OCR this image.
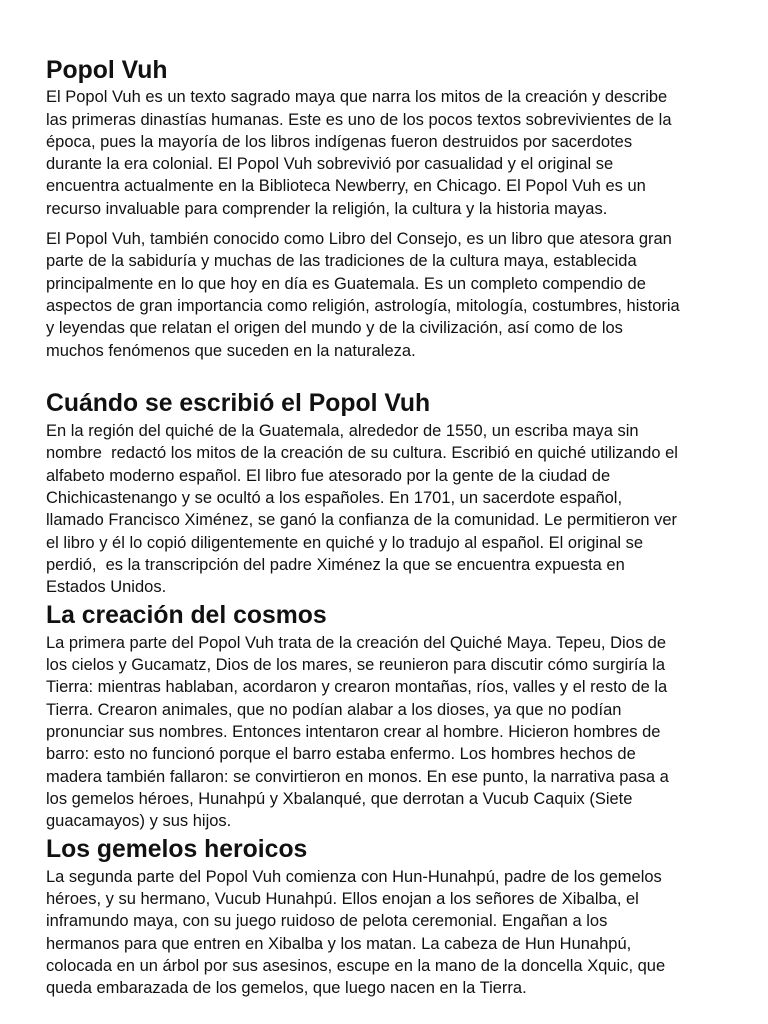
Popol Vuh

El Popol Vuh es un texto sagrado maya que narra los mitos de la creación y describe
las primeras dinastías humanas. Este es uno de los pocos textos sobrevivientes de la
época, pues la mayoría de los libros indígenas fueron destruidos por sacerdotes
durante la era colonial. El Popol Vuh sobrevivió por casualidad y el original se
encuentra actualmente en la Biblioteca Newberry, en Chicago. El Popol Vuh es un
recurso invaluable para comprender la religión, la cultura y la historia mayas.

El Popol Vuh, también conocido como Libro del Consejo, es un libro que atesora gran
parte de la sabiduría y muchas de las tradiciones de la cultura maya, establecida
principalmente en lo que hoy en día es Guatemala. Es un completo compendio de
aspectos de gran importancia como religión, astrología, mitología, costumbres, historia
y leyendas que relatan el origen del mundo y de la civilización, así como de los
muchos fenómenos que suceden en la naturaleza.

Cuándo se escribió el Popol Vuh

En la región del quiché de la Guatemala, alrededor de 1550, un escriba maya sin
nombre  redactó los mitos de la creación de su cultura. Escribió en quiché utilizando el
alfabeto moderno español. El libro fue atesorado por la gente de la ciudad de
Chichicastenango y se ocultó a los españoles. En 1701, un sacerdote español,
llamado Francisco Ximénez, se ganó la confianza de la comunidad. Le permitieron ver
el libro y él lo copió diligentemente en quiché y lo tradujo al español. El original se
perdió,  es la transcripción del padre Ximénez la que se encuentra expuesta en
Estados Unidos.

La creación del cosmos

La primera parte del Popol Vuh trata de la creación del Quiché Maya. Tepeu, Dios de
los cielos y Gucamatz, Dios de los mares, se reunieron para discutir cómo surgiría la
Tierra: mientras hablaban, acordaron y crearon montañas, ríos, valles y el resto de la
Tierra. Crearon animales, que no podían alabar a los dioses, ya que no podían
pronunciar sus nombres. Entonces intentaron crear al hombre. Hicieron hombres de
barro: esto no funcionó porque el barro estaba enfermo. Los hombres hechos de
madera también fallaron: se convirtieron en monos. En ese punto, la narrativa pasa a
los gemelos héroes, Hunahpú y Xbalanqué, que derrotan a Vucub Caquix (Siete
guacamayos) y sus hijos.

Los gemelos heroicos

La segunda parte del Popol Vuh comienza con Hun-Hunahpú, padre de los gemelos
héroes, y su hermano, Vucub Hunahpú. Ellos enojan a los señores de Xibalba, el
inframundo maya, con su juego ruidoso de pelota ceremonial. Engañan a los
hermanos para que entren en Xibalba y los matan. La cabeza de Hun Hunahpú,
colocada en un árbol por sus asesinos, escupe en la mano de la doncella Xquic, que
queda embarazada de los gemelos, que luego nacen en la Tierra.
